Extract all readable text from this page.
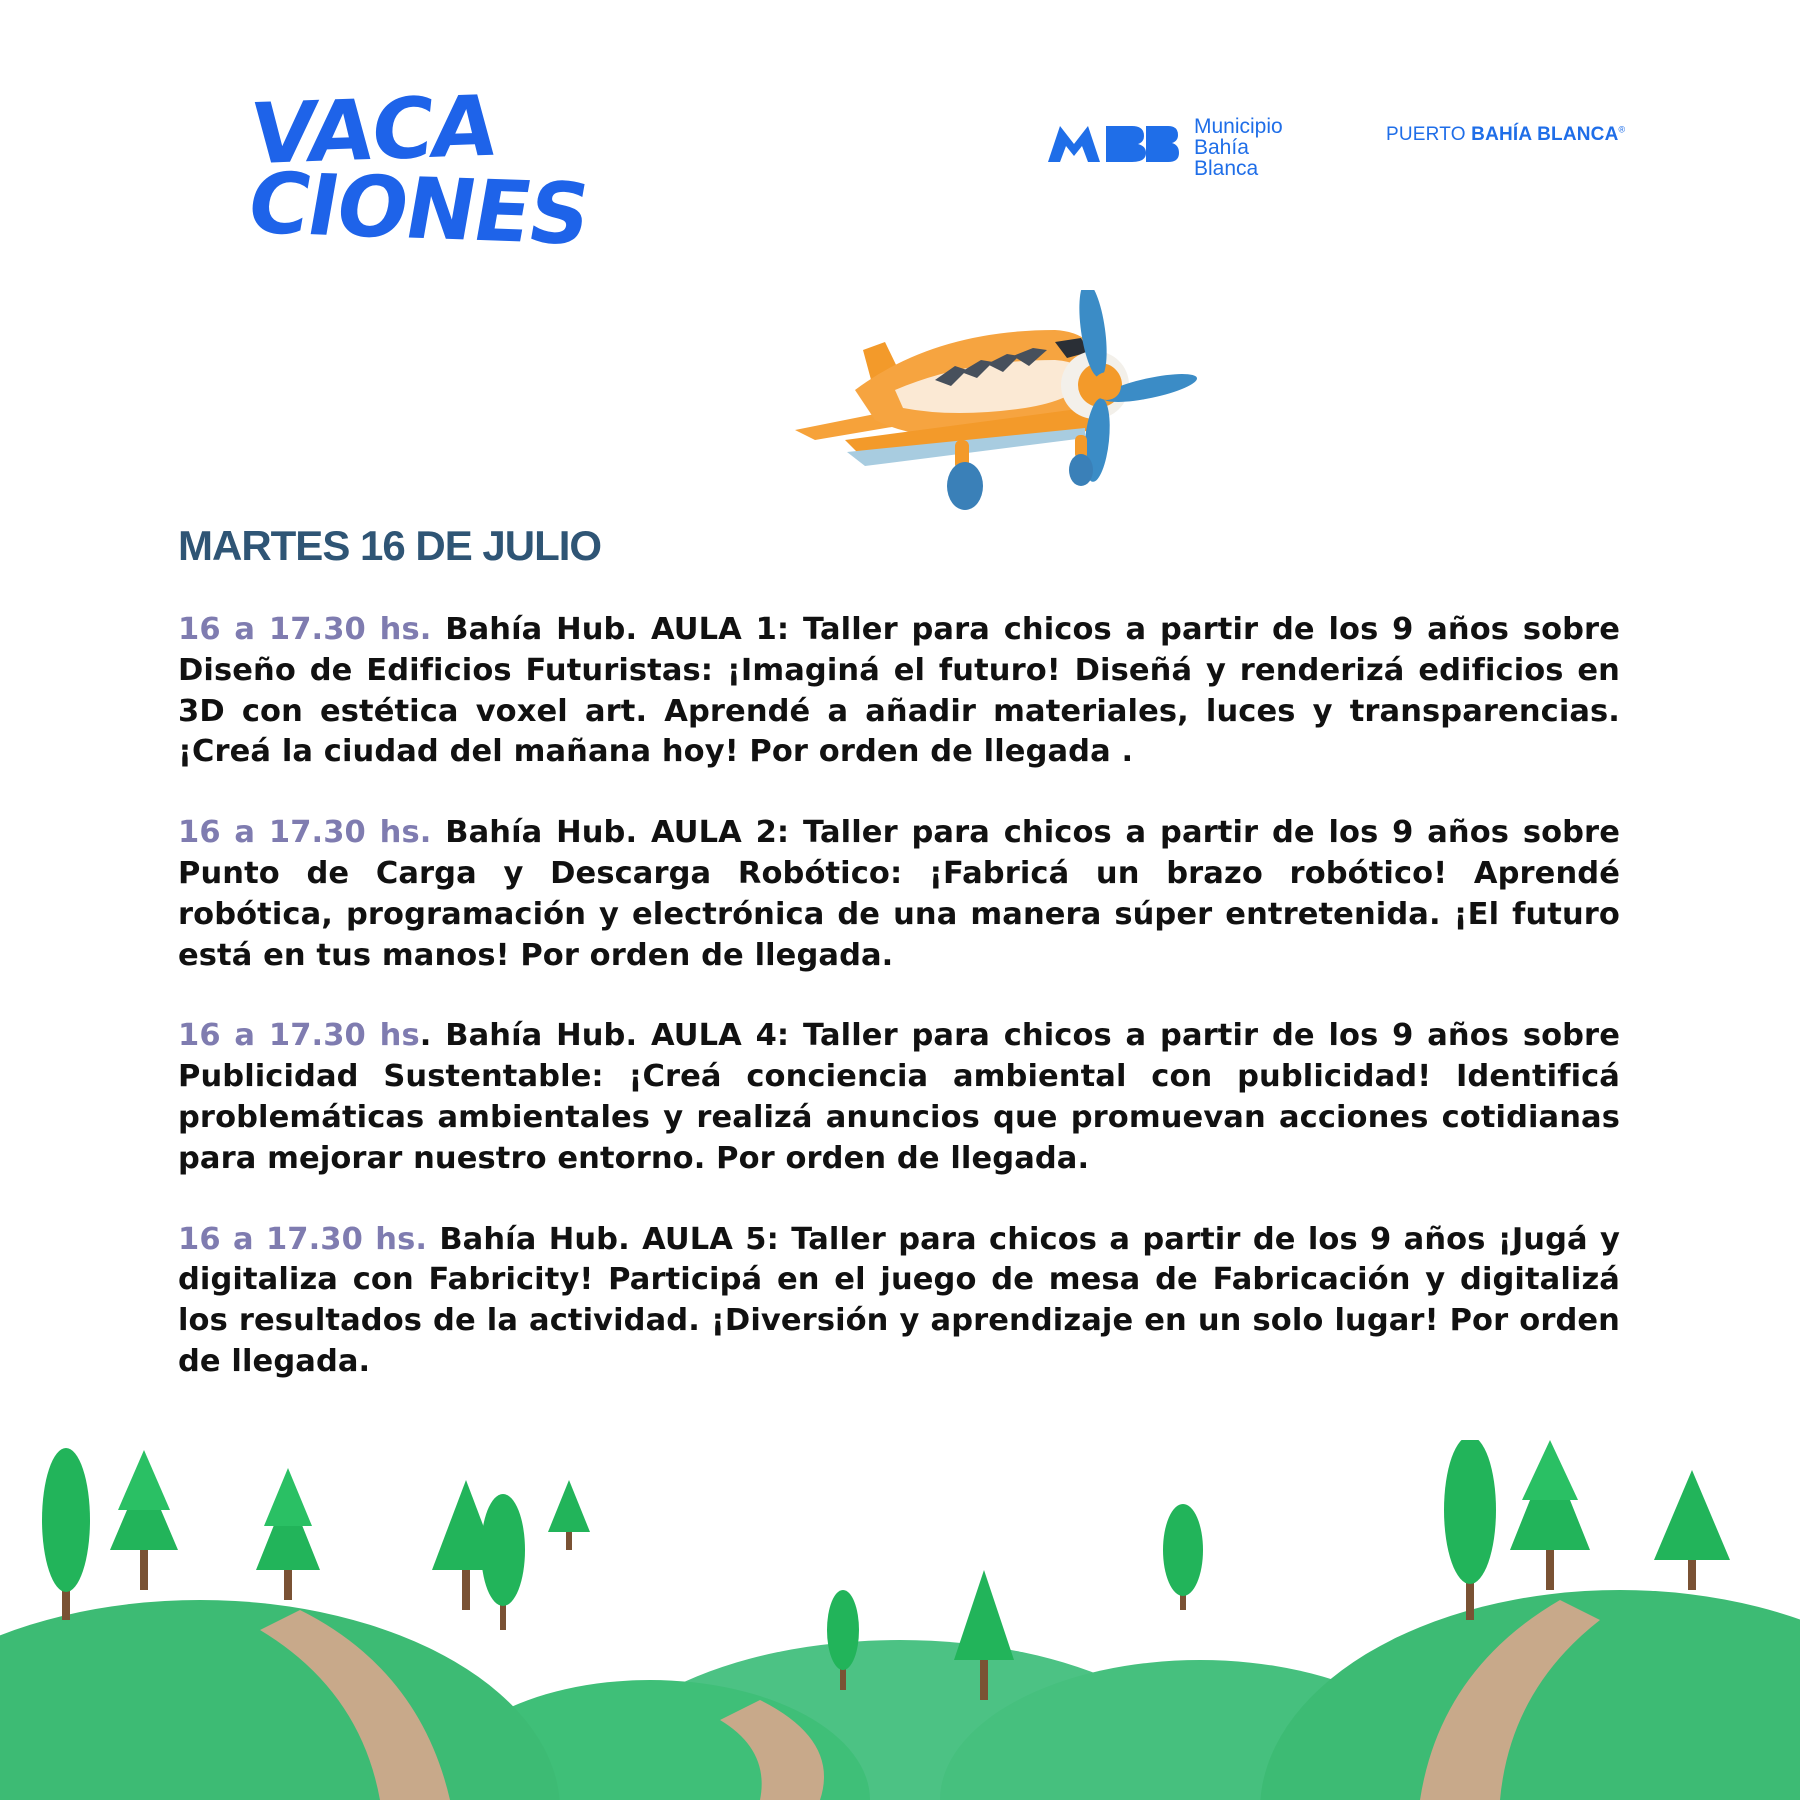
VACA
CIONES
Municipio
Bahía
Blanca
PUERTO BAHÍA BLANCA®
MARTES 16 DE JULIO

16 a 17.30 hs. Bahía Hub. AULA 1: Taller para chicos a partir de los 9 años sobre Diseño de Edificios Futuristas: ¡Imaginá el futuro! Diseñá y renderizá edificios en 3D con estética voxel art. Aprendé a añadir materiales, luces y transparencias. ¡Creá la ciudad del mañana hoy! Por orden de llegada .

16 a 17.30 hs. Bahía Hub. AULA 2: Taller para chicos a partir de los 9 años sobre Punto de Carga y Descarga Robótico: ¡Fabricá un brazo robótico! Aprendé robótica, programación y electrónica de una manera súper entretenida. ¡El futuro está en tus manos! Por orden de llegada.

16 a 17.30 hs. Bahía Hub. AULA 4: Taller para chicos a partir de los 9 años sobre Publicidad Sustentable: ¡Creá conciencia ambiental con publicidad! Identificá problemáticas ambientales y realizá anuncios que promuevan acciones cotidianas para mejorar nuestro entorno. Por orden de llegada.

16 a 17.30 hs. Bahía Hub. AULA 5: Taller para chicos a partir de los 9 años ¡Jugá y digitaliza con Fabricity! Participá en el juego de mesa de Fabricación y digitalizá los resultados de la actividad. ¡Diversión y aprendizaje en un solo lugar! Por orden de llegada.
